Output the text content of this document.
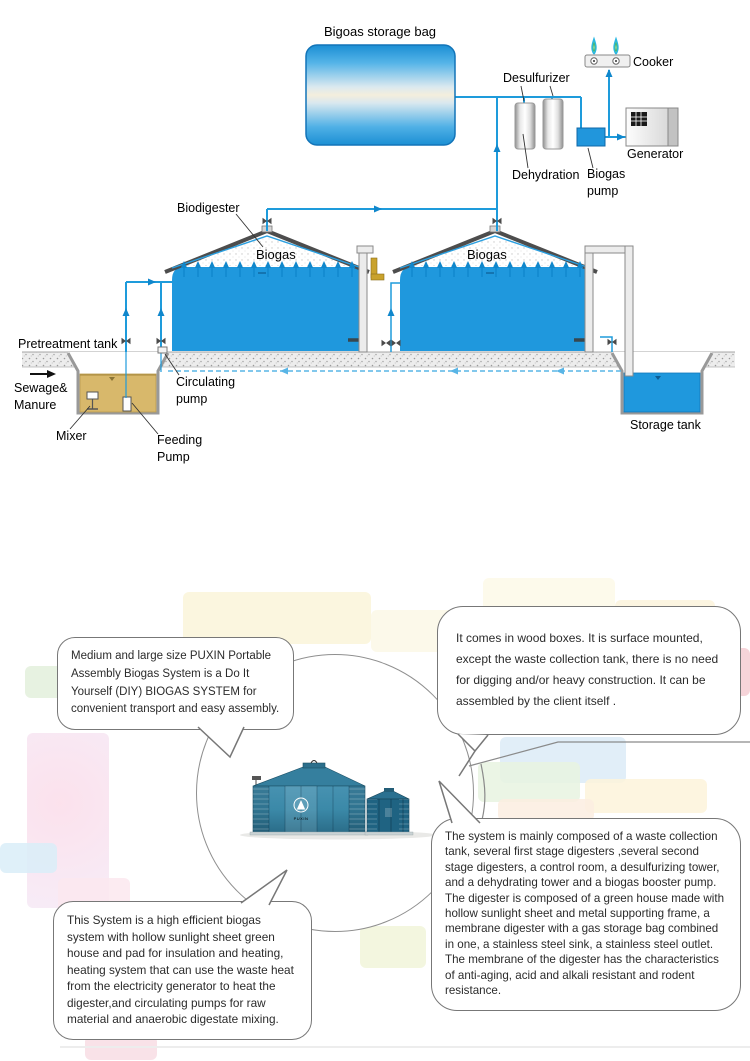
Bigoas storage bag
Desulfurizer
Cooker
Dehydration Biogas
pump
Generator
Biodigester
Biogas	Biogas
Pretreatment tank
Sewage&
Manure
Mixer
Circulating
pump
Feeding
Pump
Storage tank
PUXIN
Medium and large size PUXIN Portable Assembly Biogas System is a Do It Yourself (DIY) BIOGAS SYSTEM for convenient transport and easy assembly.
It comes in wood boxes. It is surface mounted, except the waste collection tank, there is no need for digging and/or heavy construction. It can be assembled by the client itself .
The system is mainly composed of a waste collection tank, several first stage digesters ,several second stage digesters, a control room, a desulfurizing tower, and a dehydrating tower and a biogas booster pump. The digester is composed of a green house made with hollow sunlight sheet and metal supporting frame, a membrane digester with a gas storage bag combined in one, a stainless steel sink, a stainless steel outlet. The membrane of the digester has the characteristics of anti-aging, acid and alkali resistant and rodent resistance.
This System is a high efficient biogas system with hollow sunlight sheet green house and pad for insulation and heating, heating system that can use the waste heat from the electricity generator to heat the digester,and circulating pumps for raw material and anaerobic digestate mixing.
